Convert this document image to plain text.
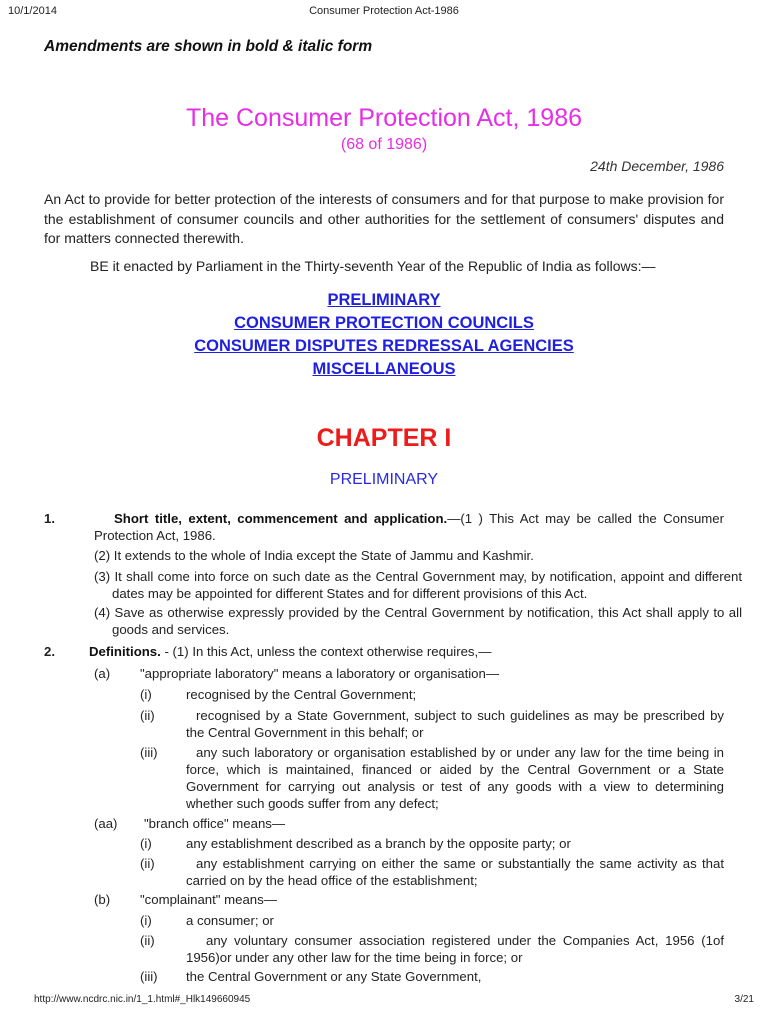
10/1/2014	Consumer Protection Act-1986
Amendments are shown in bold & italic form
The Consumer Protection Act, 1986
(68 of 1986)
24th December, 1986
An Act to provide for better protection of the interests of consumers and for that purpose to make provision for the establishment of consumer councils and other authorities for the settlement of consumers' disputes and for matters connected therewith.
BE it enacted by Parliament in the Thirty-seventh Year of the Republic of India as follows:—
PRELIMINARY
CONSUMER PROTECTION COUNCILS
CONSUMER DISPUTES REDRESSAL AGENCIES
MISCELLANEOUS
CHAPTER I
PRELIMINARY
1.	Short title, extent, commencement and application.—(1 ) This Act may be called the Consumer Protection Act, 1986.
(2) It extends to the whole of India except the State of Jammu and Kashmir.
(3) It shall come into force on such date as the Central Government may, by notification, appoint and different dates may be appointed for different States and for different provisions of this Act.
(4) Save as otherwise expressly provided by the Central Government by notification, this Act shall apply to all goods and services.
2.	Definitions. - (1) In this Act, unless the context otherwise requires,—
(a) "appropriate laboratory" means a laboratory or organisation—
(i)	recognised by the Central Government;
(ii)	recognised by a State Government, subject to such guidelines as may be prescribed by the Central Government in this behalf; or
(iii)	any such laboratory or organisation established by or under any law for the time being in force, which is maintained, financed or aided by the Central Government or a State Government for carrying out analysis or test of any goods with a view to determining whether such goods suffer from any defect;
(aa) "branch office" means—
(i)	any establishment described as a branch by the opposite party; or
(ii)	any establishment carrying on either the same or substantially the same activity as that carried on by the head office of the establishment;
(b) "complainant" means—
(i)	a consumer; or
(ii)	any voluntary consumer association registered under the Companies Act, 1956 (1of 1956)or under any other law for the time being in force; or
(iii) the Central Government or any State Government,
http://www.ncdrc.nic.in/1_1.html#_Hlk149660945	3/21
